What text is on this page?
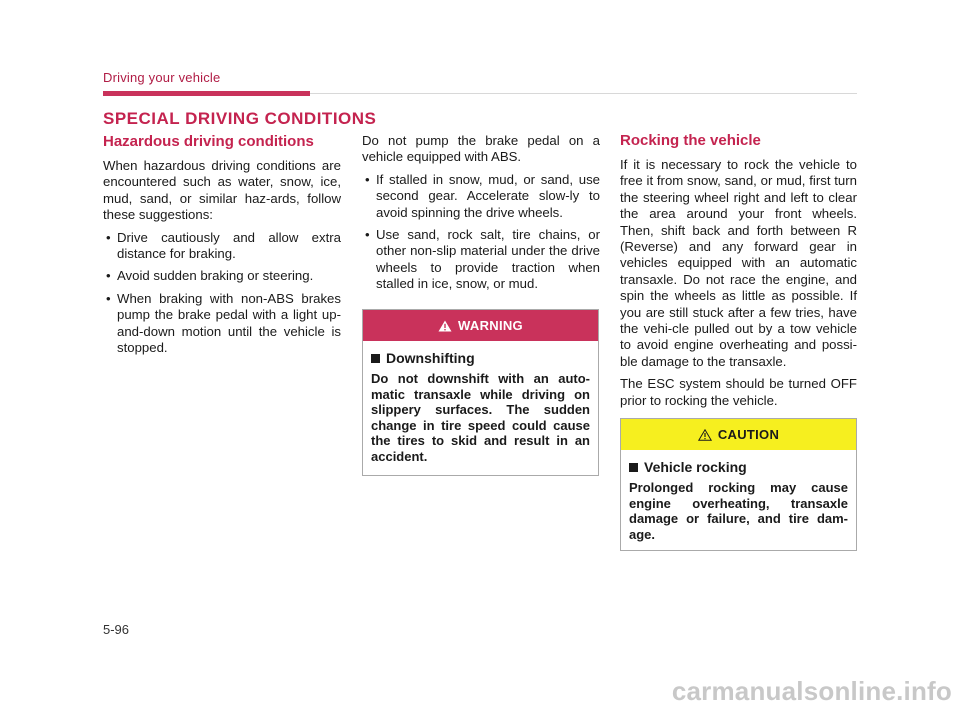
Driving your vehicle
SPECIAL DRIVING CONDITIONS
Hazardous driving conditions

When hazardous driving conditions are encountered such as water, snow, ice, mud, sand, or similar haz-ards, follow these suggestions:

• Drive cautiously and allow extra distance for braking.
• Avoid sudden braking or steering.
• When braking with non-ABS brakes pump the brake pedal with a light up-and-down motion until the vehicle is stopped.

Do not pump the brake pedal on a vehicle equipped with ABS.

• If stalled in snow, mud, or sand, use second gear. Accelerate slow-ly to avoid spinning the drive wheels.
• Use sand, rock salt, tire chains, or other non-slip material under the drive wheels to provide traction when stalled in ice, snow, or mud.
WARNING
Downshifting
Do not downshift with an auto-matic transaxle while driving on slippery surfaces. The sudden change in tire speed could cause the tires to skid and result in an accident.
Rocking the vehicle

If it is necessary to rock the vehicle to free it from snow, sand, or mud, first turn the steering wheel right and left to clear the area around your front wheels. Then, shift back and forth between R (Reverse) and any forward gear in vehicles equipped with an automatic transaxle. Do not race the engine, and spin the wheels as little as possible. If you are still stuck after a few tries, have the vehi-cle pulled out by a tow vehicle to avoid engine overheating and possi-ble damage to the transaxle.

The ESC system should be turned OFF prior to rocking the vehicle.

CAUTION
Vehicle rocking
Prolonged rocking may cause engine overheating, transaxle damage or failure, and tire dam-age.
5-96
carmanualsonline.info
